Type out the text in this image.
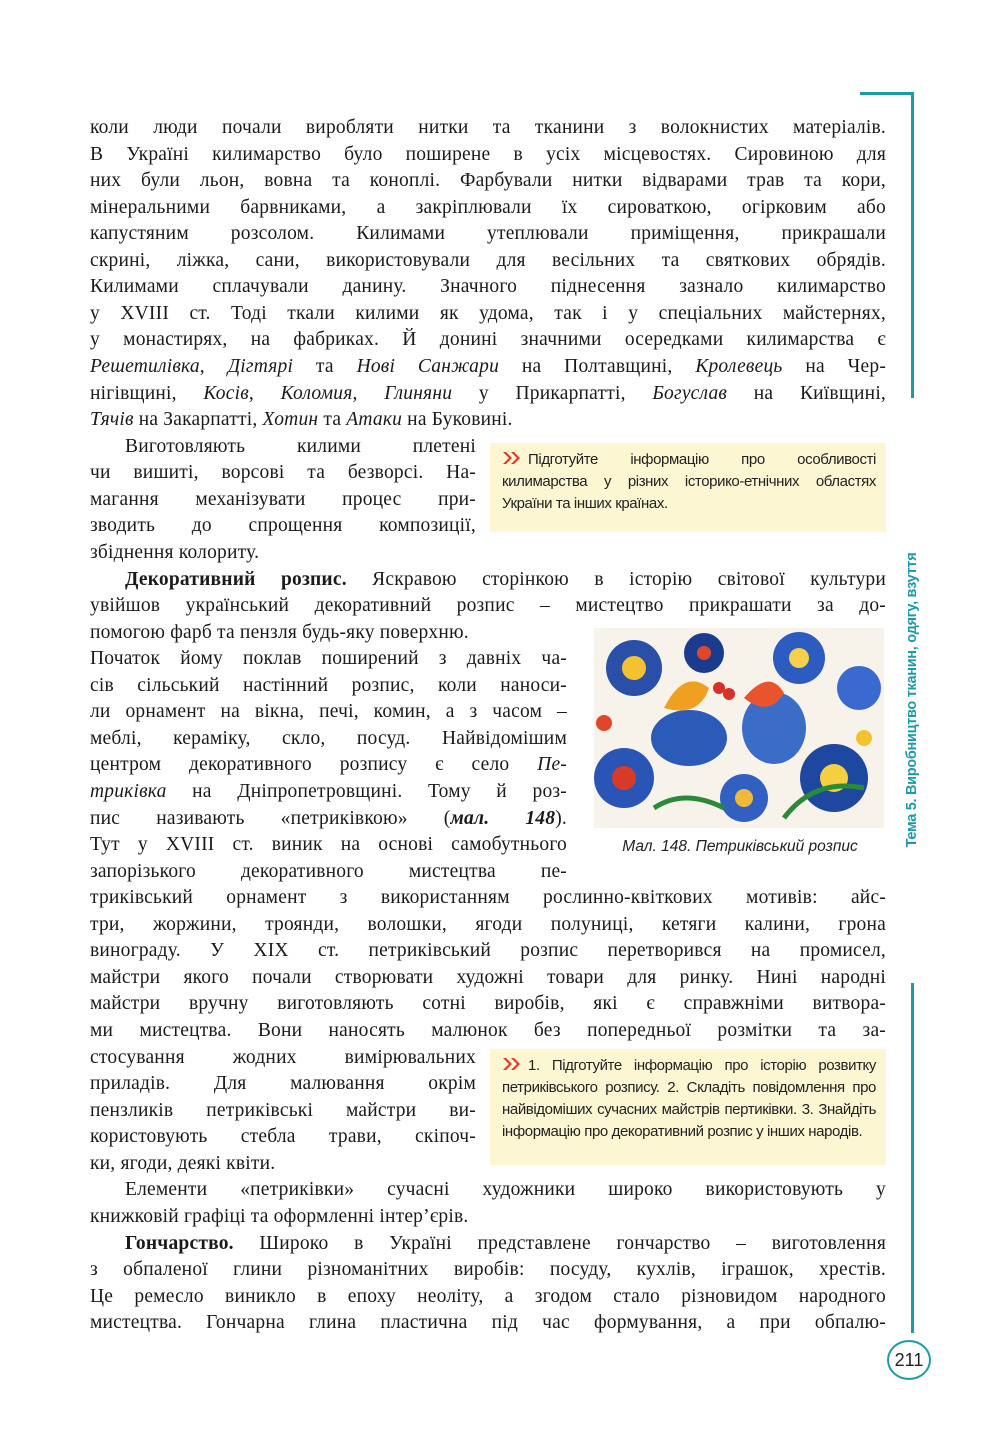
Тема 5. Виробництво тканин, одягу, взуття
коли люди почали виробляти нитки та тканини з волокнистих матеріалів.
В Україні килимарство було поширене в усіх місцевостях. Сировиною для
них були льон, вовна та коноплі. Фарбували нитки відварами трав та кори,
мінеральними барвниками, а закріплювали їх сироваткою, огірковим або
капустяним розсолом. Килимами утеплювали приміщення, прикрашали
скрині, ліжка, сани, використовували для весільних та святкових обрядів.
Килимами сплачували данину. Значного піднесення зазнало килимарство
у XVIII ст. Тоді ткали килими як удома, так і у спеціальних майстернях,
у монастирях, на фабриках. Й донині значними осередками килимарства є
Решетилівка, Дігтярі та Нові Санжари на Полтавщині, Кролевець на Чер-
нігівщині, Косів, Коломия, Глиняни у Прикарпатті, Богуслав на Київщині,
Тячів на Закарпатті, Хотин та Атаки на Буковині.
Виготовляють килими плетені
чи вишиті, ворсові та безворсі. На-
магання механізувати процес при-
зводить до спрощення композиції,
збіднення колориту.
Декоративний розпис. Яскравою сторінкою в історію світової культури
увійшов український декоративний розпис – мистецтво прикрашати за до-
помогою фарб та пензля будь-яку поверхню.
Початок йому поклав поширений з давніх ча-
сів сільський настінний розпис, коли наноси-
ли орнамент на вікна, печі, комин, а з часом –
меблі, кераміку, скло, посуд. Найвідомішим
центром декоративного розпису є село Пе-
триківка на Дніпропетровщині. Тому й роз-
пис називають «петриківкою» (мал. 148).
Тут у XVIII ст. виник на основі самобутнього
запорізького декоративного мистецтва пе-
триківський орнамент з використанням рослинно-квіткових мотивів: айс-
три, жоржини, троянди, волошки, ягоди полуниці, кетяги калини, грона
винограду. У XIX ст. петриківський розпис перетворився на промисел,
майстри якого почали створювати художні товари для ринку. Нині народні
майстри вручну виготовляють сотні виробів, які є справжніми витвора-
ми мистецтва. Вони наносять малюнок без попередньої розмітки та за-
стосування жодних вимірювальних
приладів. Для малювання окрім
пензликів петриківські майстри ви-
користовують стебла трави, скіпоч-
ки, ягоди, деякі квіти.
Елементи «петриківки» сучасні художники широко використовують у
книжковій графіці та оформленні інтер’єрів.
Гончарство. Широко в Україні представлене гончарство – виготовлення
з обпаленої глини різноманітних виробів: посуду, кухлів, іграшок, хрестів.
Це ремесло виникло в епоху неоліту, а згодом стало різновидом народного
мистецтва. Гончарна глина пластична під час формування, а при обпалю-
Підготуйте інформацію про особливості килимарства у різних історико-етнічних областях України та інших країнах.
1. Підготуйте інформацію про історію розвитку петриківського розпису. 2. Складіть повідомлення про найвідоміших сучасних майстрів пертиківки. 3. Знайдіть інформацію про декоративний розпис у інших народів.
Мал. 148. Петриківський розпис
211
